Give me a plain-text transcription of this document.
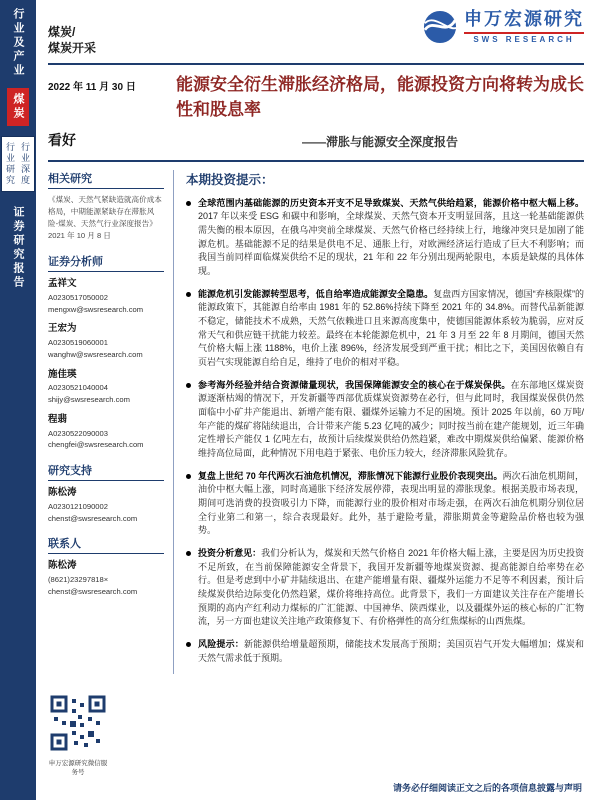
行业及产业
煤炭
行业研究 行业深度
证券研究报告
煤炭/
煤炭开采
申万宏源研究
SWS RESEARCH
2022 年 11 月 30 日	能源安全衍生滞胀经济格局，能源投资方向将转为成长性和股息率
看好	——滞胀与能源安全深度报告
相关研究
《煤炭、天然气紧缺造就高价成本格局，中期能源紧缺存在滞胀风险-煤炭、天然气行业深度报告》2021 年 10 月 8 日
证券分析师
孟祥文
A0230517050002
mengxw@swsresearch.com
王宏为
A0230519060001
wanghw@swsresearch.com
施佳瑛
A0230521040004
shijy@swsresearch.com
程翡
A0230522090003
chengfei@swsresearch.com
研究支持
陈松涛
A0230121090002
chenst@swsresearch.com
联系人
陈松涛
(8621)23297818×
chenst@swsresearch.com
本期投资提示：

全球范围内基础能源的历史资本开支不足导致煤炭、天然气供给趋紧，能源价格中枢大幅上移。2017 年以来受 ESG 和碳中和影响，全球煤炭、天然气资本开支明显回落，且这一轮基础能源供需失衡的根本原因，在俄乌冲突前全球煤炭、天然气价格已经持续上行，地缘冲突只是加剧了能源危机。基础能源不足的结果是供电不足、通胀上行，对欧洲经济运行造成了巨大不利影响；而我国当前同样面临煤炭供给不足的现状，21 年和 22 年分别出现两轮限电，本质是缺煤的具体体现。

能源危机引发能源转型思考，低自给率造成能源安全隐患。复盘西方国家情况，德国“弃核限煤”的能源政策下，其能源自给率由 1981 年的 52.86%持续下降至 2021 年的 34.8%。而替代品新能源不稳定，储能技术不成熟，天然气依赖进口且来源高度集中，使德国能源体系较为脆弱，应对反常天气和供应链干扰能力较差。最终在本轮能源危机中，21 年 3 月至 22 年 8 月期间，德国天然气价格大幅上涨 1188%，电价上涨 896%，经济发展受到严重干扰；相比之下，美国因依赖自有页岩气实现能源自给自足，维持了电价的相对平稳。

参考海外经验并结合资源储量现状，我国保障能源安全的核心在于煤炭保供。在东部地区煤炭资源逐渐枯竭的情况下，开发新疆等西部优质煤炭资源势在必行，但与此同时，我国煤炭保供仍然面临中小矿井产能退出、新增产能有限、疆煤外运输力不足的困境。预计 2025 年以前，60 万吨/年产能的煤矿将陆续退出，合计带来产能 5.23 亿吨的减少；同时按当前在建产能规划，近三年确定性增长产能仅 1 亿吨左右，故预计后续煤炭供给仍然趋紧，难改中期煤炭供给偏紧、能源价格维持高位局面，此种情况下用电趋于紧张、电价压力较大，经济滞胀风险犹存。

复盘上世纪 70 年代两次石油危机情况，滞胀情况下能源行业股价表现突出。两次石油危机期间，油价中枢大幅上涨，同时高通胀下经济发展停滞，表现出明显的滞胀现象。根据美股市场表现，期间可选消费的投资吸引力下降，而能源行业的股价相对市场走强，在两次石油危机期分别位居全行业第二和第一，综合表现最好。此外，基于避险考量，滞胀期黄金等避险品价格也较为强势。

投资分析意见：我们分析认为，煤炭和天然气价格自 2021 年价格大幅上涨，主要是因为历史投资不足所致，在当前保障能源安全背景下，我国开发新疆等地煤炭资源、提高能源自给率势在必行。但是考虑到中小矿井陆续退出、在建产能增量有限、疆煤外运能力不足等不利因素，预计后续煤炭供给边际变化仍然趋紧，煤价将维持高位。此背景下，我们一方面建议关注存在产能增长预期的高内产红利动力煤标的广汇能源、中国神华、陕西煤业，以及疆煤外运的核心标的广汇物流，另一方面也建议关注地产政策修复下、有价格弹性的高分红焦煤标的山西焦煤。

风险提示：新能源供给增量超预期，储能技术发展高于预期；美国页岩气开发大幅增加；煤炭和天然气需求低于预期。

申万宏源研究微信服务号
请务必仔细阅读正文之后的各项信息披露与声明
